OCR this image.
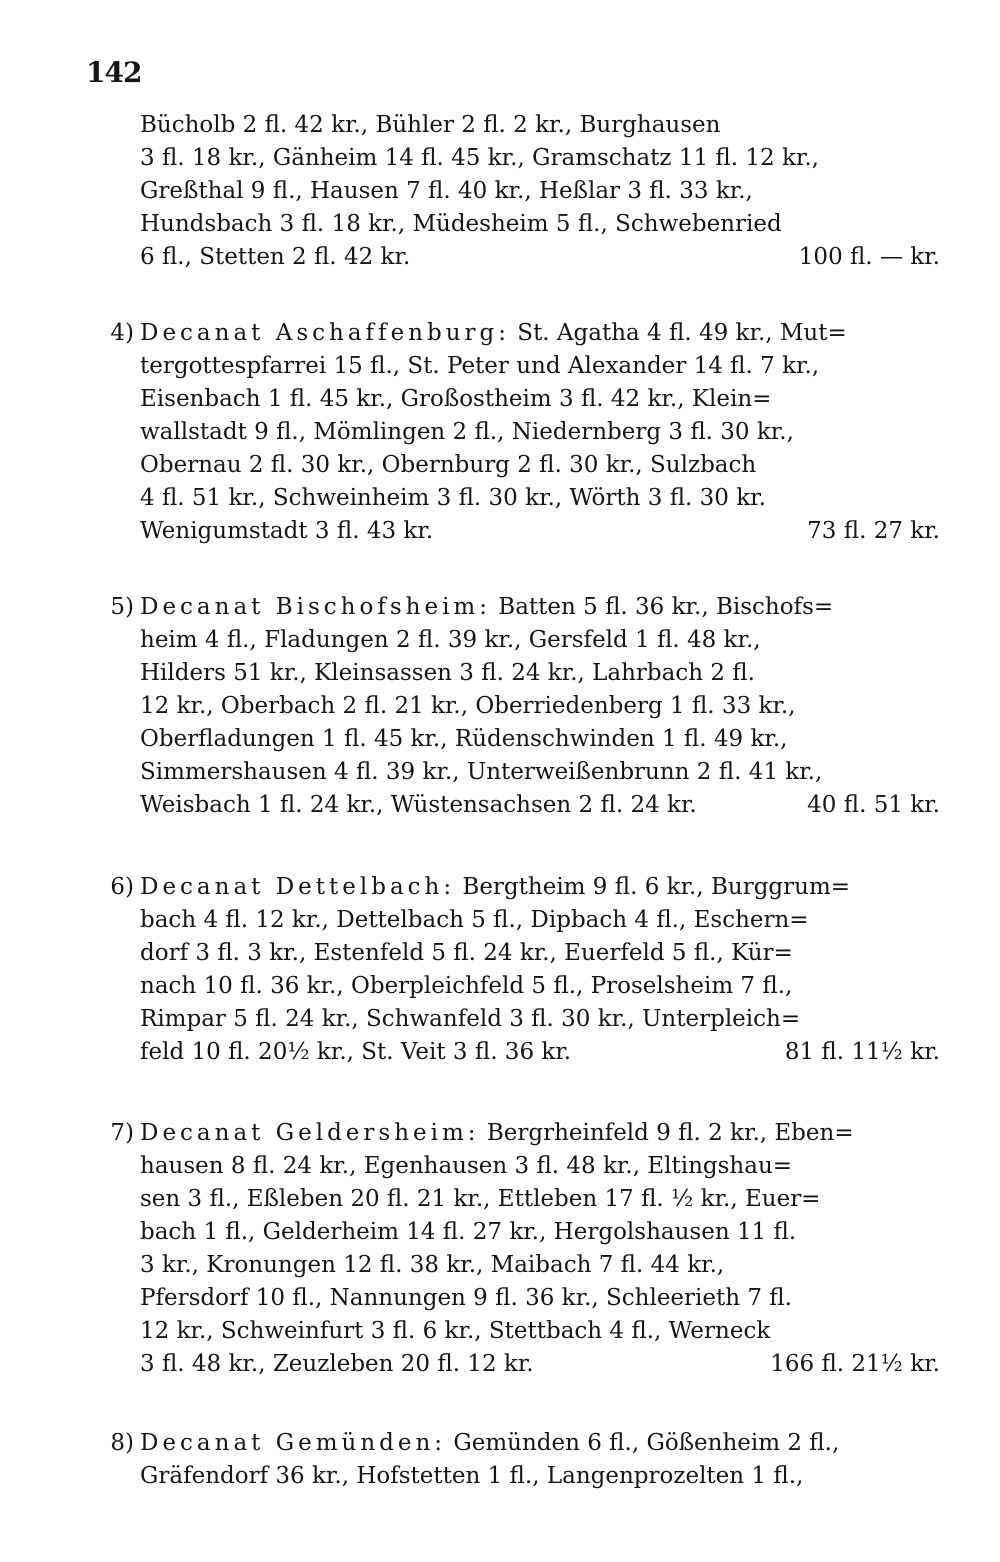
142
Bücholb 2 fl. 42 kr., Bühler 2 fl. 2 kr., Burghausen
3 fl. 18 kr., Gänheim 14 fl. 45 kr., Gramschatz 11 fl. 12 kr.,
Greßthal 9 fl., Hausen 7 fl. 40 kr., Heßlar 3 fl. 33 kr.,
Hundsbach 3 fl. 18 kr., Müdesheim 5 fl., Schwebenried
6 fl., Stetten 2 fl. 42 kr.	100 fl. — kr.
4) Decanat Aschaffenburg: St. Agatha 4 fl. 49 kr., Mut=
tergottespfarrei 15 fl., St. Peter und Alexander 14 fl. 7 kr.,
Eisenbach 1 fl. 45 kr., Großostheim 3 fl. 42 kr., Klein=
wallstadt 9 fl., Mömlingen 2 fl., Niedernberg 3 fl. 30 kr.,
Obernau 2 fl. 30 kr., Obernburg 2 fl. 30 kr., Sulzbach
4 fl. 51 kr., Schweinheim 3 fl. 30 kr., Wörth 3 fl. 30 kr.
Wenigumstadt 3 fl. 43 kr.	73 fl. 27 kr.
5) Decanat Bischofsheim: Batten 5 fl. 36 kr., Bischofs=
heim 4 fl., Fladungen 2 fl. 39 kr., Gersfeld 1 fl. 48 kr.,
Hilders 51 kr., Kleinsassen 3 fl. 24 kr., Lahrbach 2 fl.
12 kr., Oberbach 2 fl. 21 kr., Oberriedenberg 1 fl. 33 kr.,
Oberfladungen 1 fl. 45 kr., Rüdenschwinden 1 fl. 49 kr.,
Simmershausen 4 fl. 39 kr., Unterweißenbrunn 2 fl. 41 kr.,
Weisbach 1 fl. 24 kr., Wüstensachsen 2 fl. 24 kr.	40 fl. 51 kr.
6) Decanat Dettelbach: Bergtheim 9 fl. 6 kr., Burggrum=
bach 4 fl. 12 kr., Dettelbach 5 fl., Dipbach 4 fl., Eschern=
dorf 3 fl. 3 kr., Estenfeld 5 fl. 24 kr., Euerfeld 5 fl., Kür=
nach 10 fl. 36 kr., Oberpleichfeld 5 fl., Proselsheim 7 fl.,
Rimpar 5 fl. 24 kr., Schwanfeld 3 fl. 30 kr., Unterpleich=
feld 10 fl. 20½ kr., St. Veit 3 fl. 36 kr.	81 fl. 11½ kr.
7) Decanat Geldersheim: Bergrheinfeld 9 fl. 2 kr., Eben=
hausen 8 fl. 24 kr., Egenhausen 3 fl. 48 kr., Eltingshau=
sen 3 fl., Eßleben 20 fl. 21 kr., Ettleben 17 fl. ½ kr., Euer=
bach 1 fl., Gelderheim 14 fl. 27 kr., Hergolshausen 11 fl.
3 kr., Kronungen 12 fl. 38 kr., Maibach 7 fl. 44 kr.,
Pfersdorf 10 fl., Nannungen 9 fl. 36 kr., Schleerieth 7 fl.
12 kr., Schweinfurt 3 fl. 6 kr., Stettbach 4 fl., Werneck
3 fl. 48 kr., Zeuzleben 20 fl. 12 kr.	166 fl. 21½ kr.
8) Decanat Gemünden: Gemünden 6 fl., Gößenheim 2 fl.,
Gräfendorf 36 kr., Hofstetten 1 fl., Langenprozelten 1 fl.,
